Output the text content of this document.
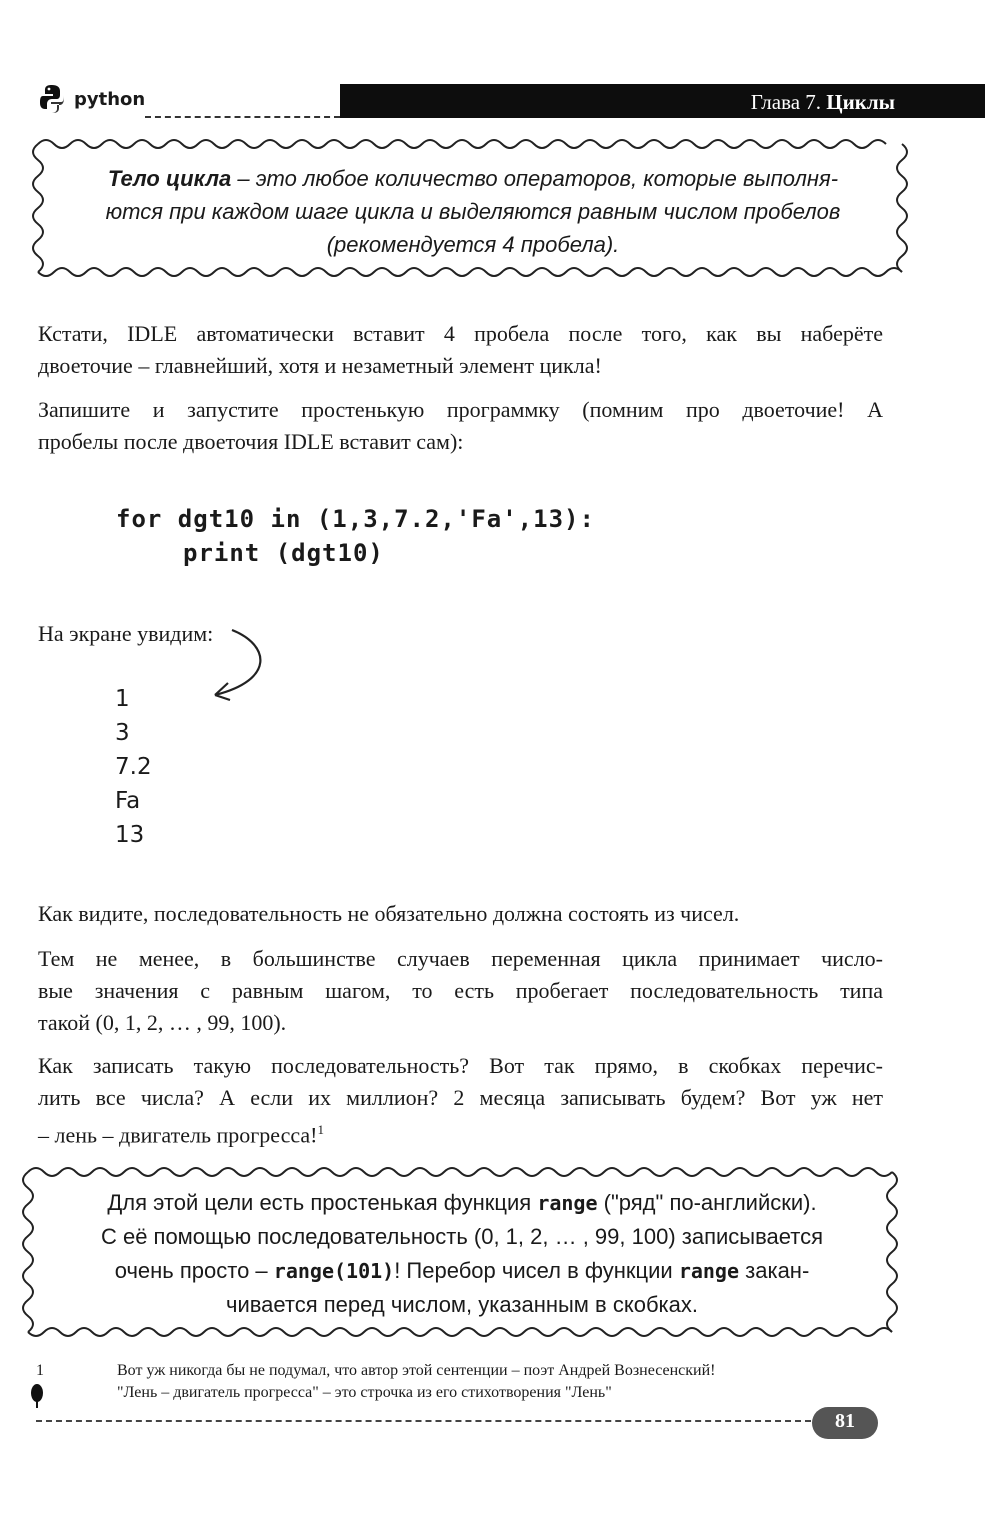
python	Глава 7. Циклы
Тело цикла – это любое количество операторов, которые выполня-
ются при каждом шаге цикла и выделяются равным числом пробелов
(рекомендуется 4 пробела).
Кстати, IDLE автоматически вставит 4 пробела после того, как вы наберёте
двоеточие – главнейший, хотя и незаметный элемент цикла!
Запишите и запустите простенькую программку (помним про двоеточие! А
пробелы после двоеточия IDLE вставит сам):
for dgt10 in (1,3,7.2,'Fa',13):
print (dgt10)
На экране увидим:
1
3
7.2
Fa
13
Как видите, последовательность не обязательно должна состоять из чисел.
Тем не менее, в большинстве случаев переменная цикла принимает число-
вые значения с равным шагом, то есть пробегает последовательность типа
такой (0, 1, 2, … , 99, 100).
Как записать такую последовательность? Вот так прямо, в скобках перечис-
лить все числа? А если их миллион? 2 месяца записывать будем? Вот уж нет
– лень – двигатель прогресса!$^1$
Для этой цели есть простенькая функция range ("ряд" по-английски).
С её помощью последовательность (0, 1, 2, … , 99, 100) записывается
очень просто – range(101)! Перебор чисел в функции range закан-
чивается перед числом, указанным в скобках.
1	Вот уж никогда бы не подумал, что автор этой сентенции – поэт Андрей Вознесенский!
"Лень – двигатель прогресса" – это строчка из его стихотворения "Лень"
81
